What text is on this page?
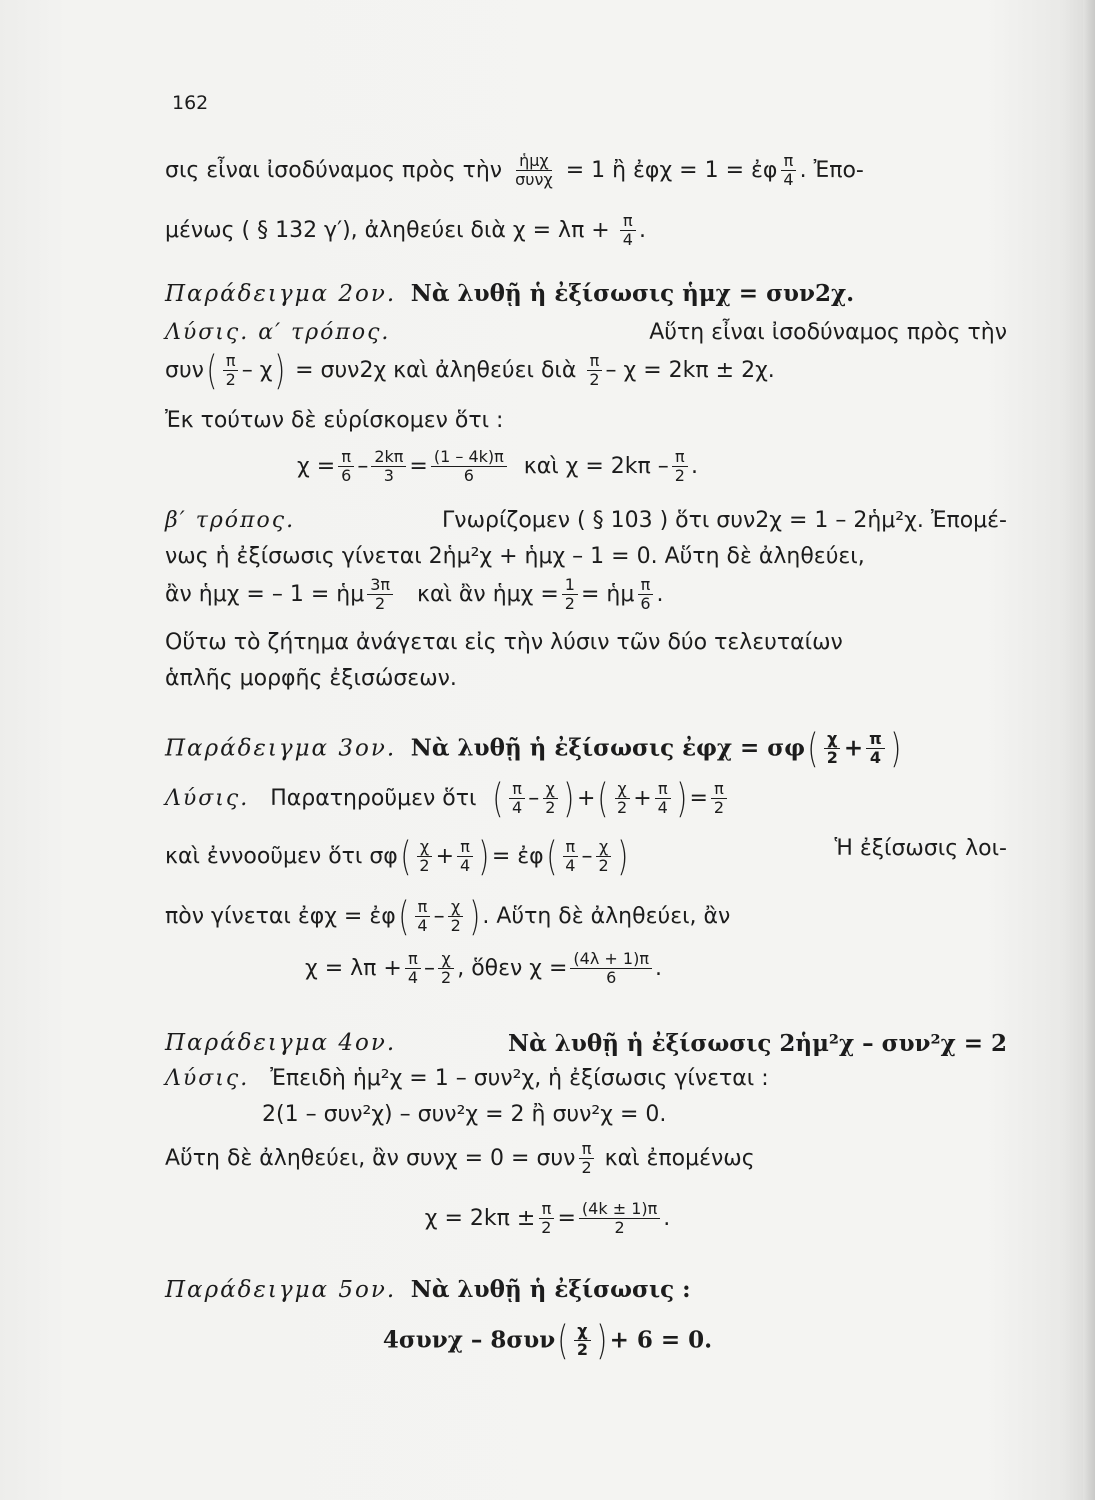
162
σις εἶναι ἰσοδύναμος πρὸς τὴν $\frac{\text{ἡμχ}}{\text{συνχ}} = 1$ ἢ ἐφχ = 1 = ἐφ $\frac{\pi}{4}$ . Ἐπο-
μένως ( § 132 γ′), ἀληθεύει διὰ $\chi = \lambda\pi + \frac{\pi}{4}$ .
Παράδειγμα 2ον. Νὰ λυθῇ ἡ ἐξίσωσις ἡμχ = συν2χ.
Λύσις. α′ τρόπος.	Αὕτη εἶναι ἰσοδύναμος πρὸς τὴν
$\sigma\upsilon\nu( \frac{\pi}{2} - \chi) = \sigma\upsilon\nu 2\chi$ καὶ ἀληθεύει διὰ $\frac{\pi}{2} - \chi = 2k\pi \pm 2\chi$.
Ἐκ τούτων δὲ εὑρίσκομεν ὅτι :
$\chi = \frac{\pi}{6} - \frac{2k\pi}{3} = \frac{(1 - 4k)\pi}{6}$ καὶ $\chi = 2k\pi - \frac{\pi}{2}$ .
β′ τρόπος.	Γνωρίζομεν ( § 103 ) ὅτι συν2χ = 1 – 2ἡμ²χ. Ἐπομέ-
νως ἡ ἐξίσωσις γίνεται 2ἡμ²χ + ἡμχ – 1 = 0. Αὕτη δὲ ἀληθεύει,
ἂν ἡμχ = – 1 = ἡμ $\frac{3\pi}{2}$ καὶ ἂν ἡμχ = $\frac{1}{2}$ = ἡμ $\frac{\pi}{6}$ .
Οὕτω τὸ ζήτημα ἀνάγεται εἰς τὴν λύσιν τῶν δύο τελευταίων
ἁπλῆς μορφῆς ἐξισώσεων.
Παράδειγμα 3ον. Νὰ λυθῇ ἡ ἐξίσωσις ἐφχ = $\sigma\varphi( \frac{\chi}{2} + \frac{\pi}{4}$ )
Λύσις. Παρατηροῦμεν ὅτι ( $\frac{\pi}{4} - \frac{\chi}{2}$ ) +( $\frac{\chi}{2} + \frac{\pi}{4}$ ) = $\frac{\pi}{2}$
καὶ ἐννοοῦμεν ὅτι $\sigma\varphi( \frac{\chi}{2} + \frac{\pi}{4}$ ) = ἐφ( $\frac{\pi}{4} - \frac{\chi}{2}$ )	Ἡ ἐξίσωσις λοι-
πὸν γίνεται ἐφχ = ἐφ( $\frac{\pi}{4} - \frac{\chi}{2}$ ) . Αὕτη δὲ ἀληθεύει, ἂν
$\chi = \lambda\pi + \frac{\pi}{4} - \frac{\chi}{2}$ , ὅθεν $\chi = \frac{(4\lambda + 1)\pi}{6}$ .
Παράδειγμα 4ον.	Νὰ λυθῇ ἡ ἐξίσωσις 2ἡμ²χ – συν²χ = 2
Λύσις. Ἐπειδὴ ἡμ²χ = 1 – συν²χ, ἡ ἐξίσωσις γίνεται :
2(1 – συν²χ) – συν²χ = 2 ἢ συν²χ = 0.
Αὕτη δὲ ἀληθεύει, ἂν συνχ = 0 = συν $\frac{\pi}{2}$ καὶ ἐπομένως
$\chi = 2k\pi \pm \frac{\pi}{2} = \frac{(4k \pm 1)\pi}{2}$ .
Παράδειγμα 5ον. Νὰ λυθῇ ἡ ἐξίσωσις :
$4\sigma\upsilon\nu\chi - 8\sigma\upsilon\nu( \frac{\chi}{2}$ ) + 6 = 0.
